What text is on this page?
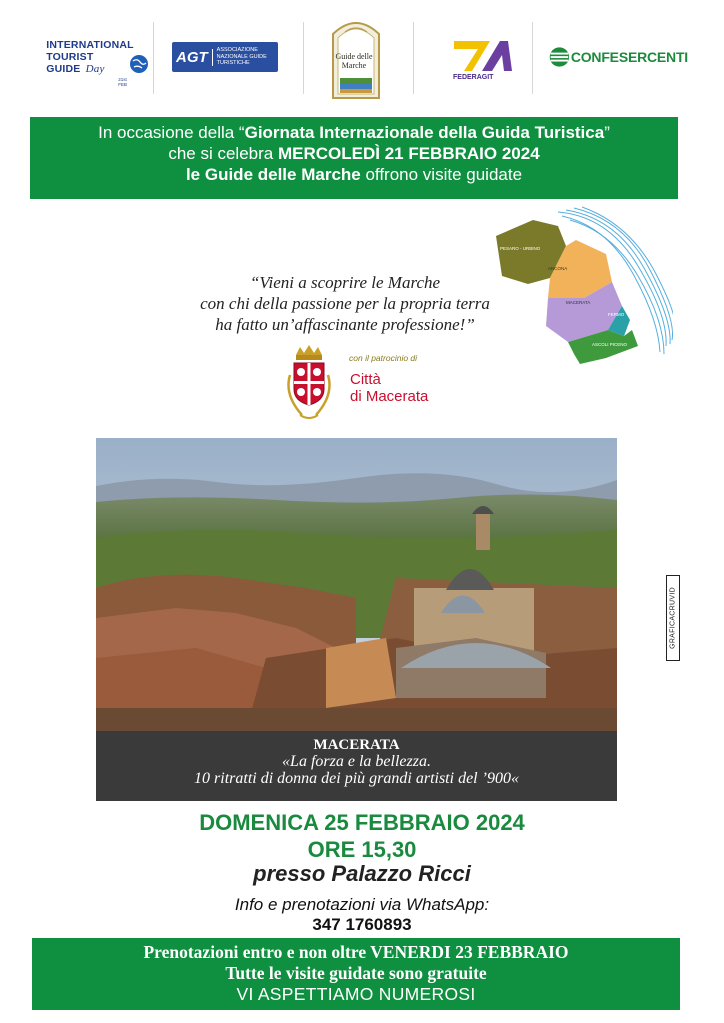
INTERNATIONAL
TOURIST
GUIDE Day
21st FEB
AGT	ASSOCIAZIONE NAZIONALE GUIDE TURISTICHE
Guide delle Marche
FEDERAGIT
CONFESERCENTI
In occasione della “Giornata Internazionale della Guida Turistica”
che si celebra MERCOLEDÌ 21 FEBBRAIO 2024
le Guide delle Marche offrono visite guidate
PESARO - URBINO
ANCONA
MACERATA
FERMO
ASCOLI PICENO
“Vieni a scoprire le Marche
con chi della passione per la propria terra
ha fatto un’affascinante professione!”
con il patrocinio di
Città
di Macerata
MACERATA
«La forza e la bellezza.
10 ritratti di donna dei più grandi artisti del ’900«
GRAFICACRUVID
DOMENICA 25 FEBBRAIO 2024
ORE 15,30
presso Palazzo Ricci
Info e prenotazioni via WhatsApp:
347 1760893
Prenotazioni entro e non oltre VENERDI 23 FEBBRAIO
Tutte le visite guidate sono gratuite
VI ASPETTIAMO NUMEROSI
